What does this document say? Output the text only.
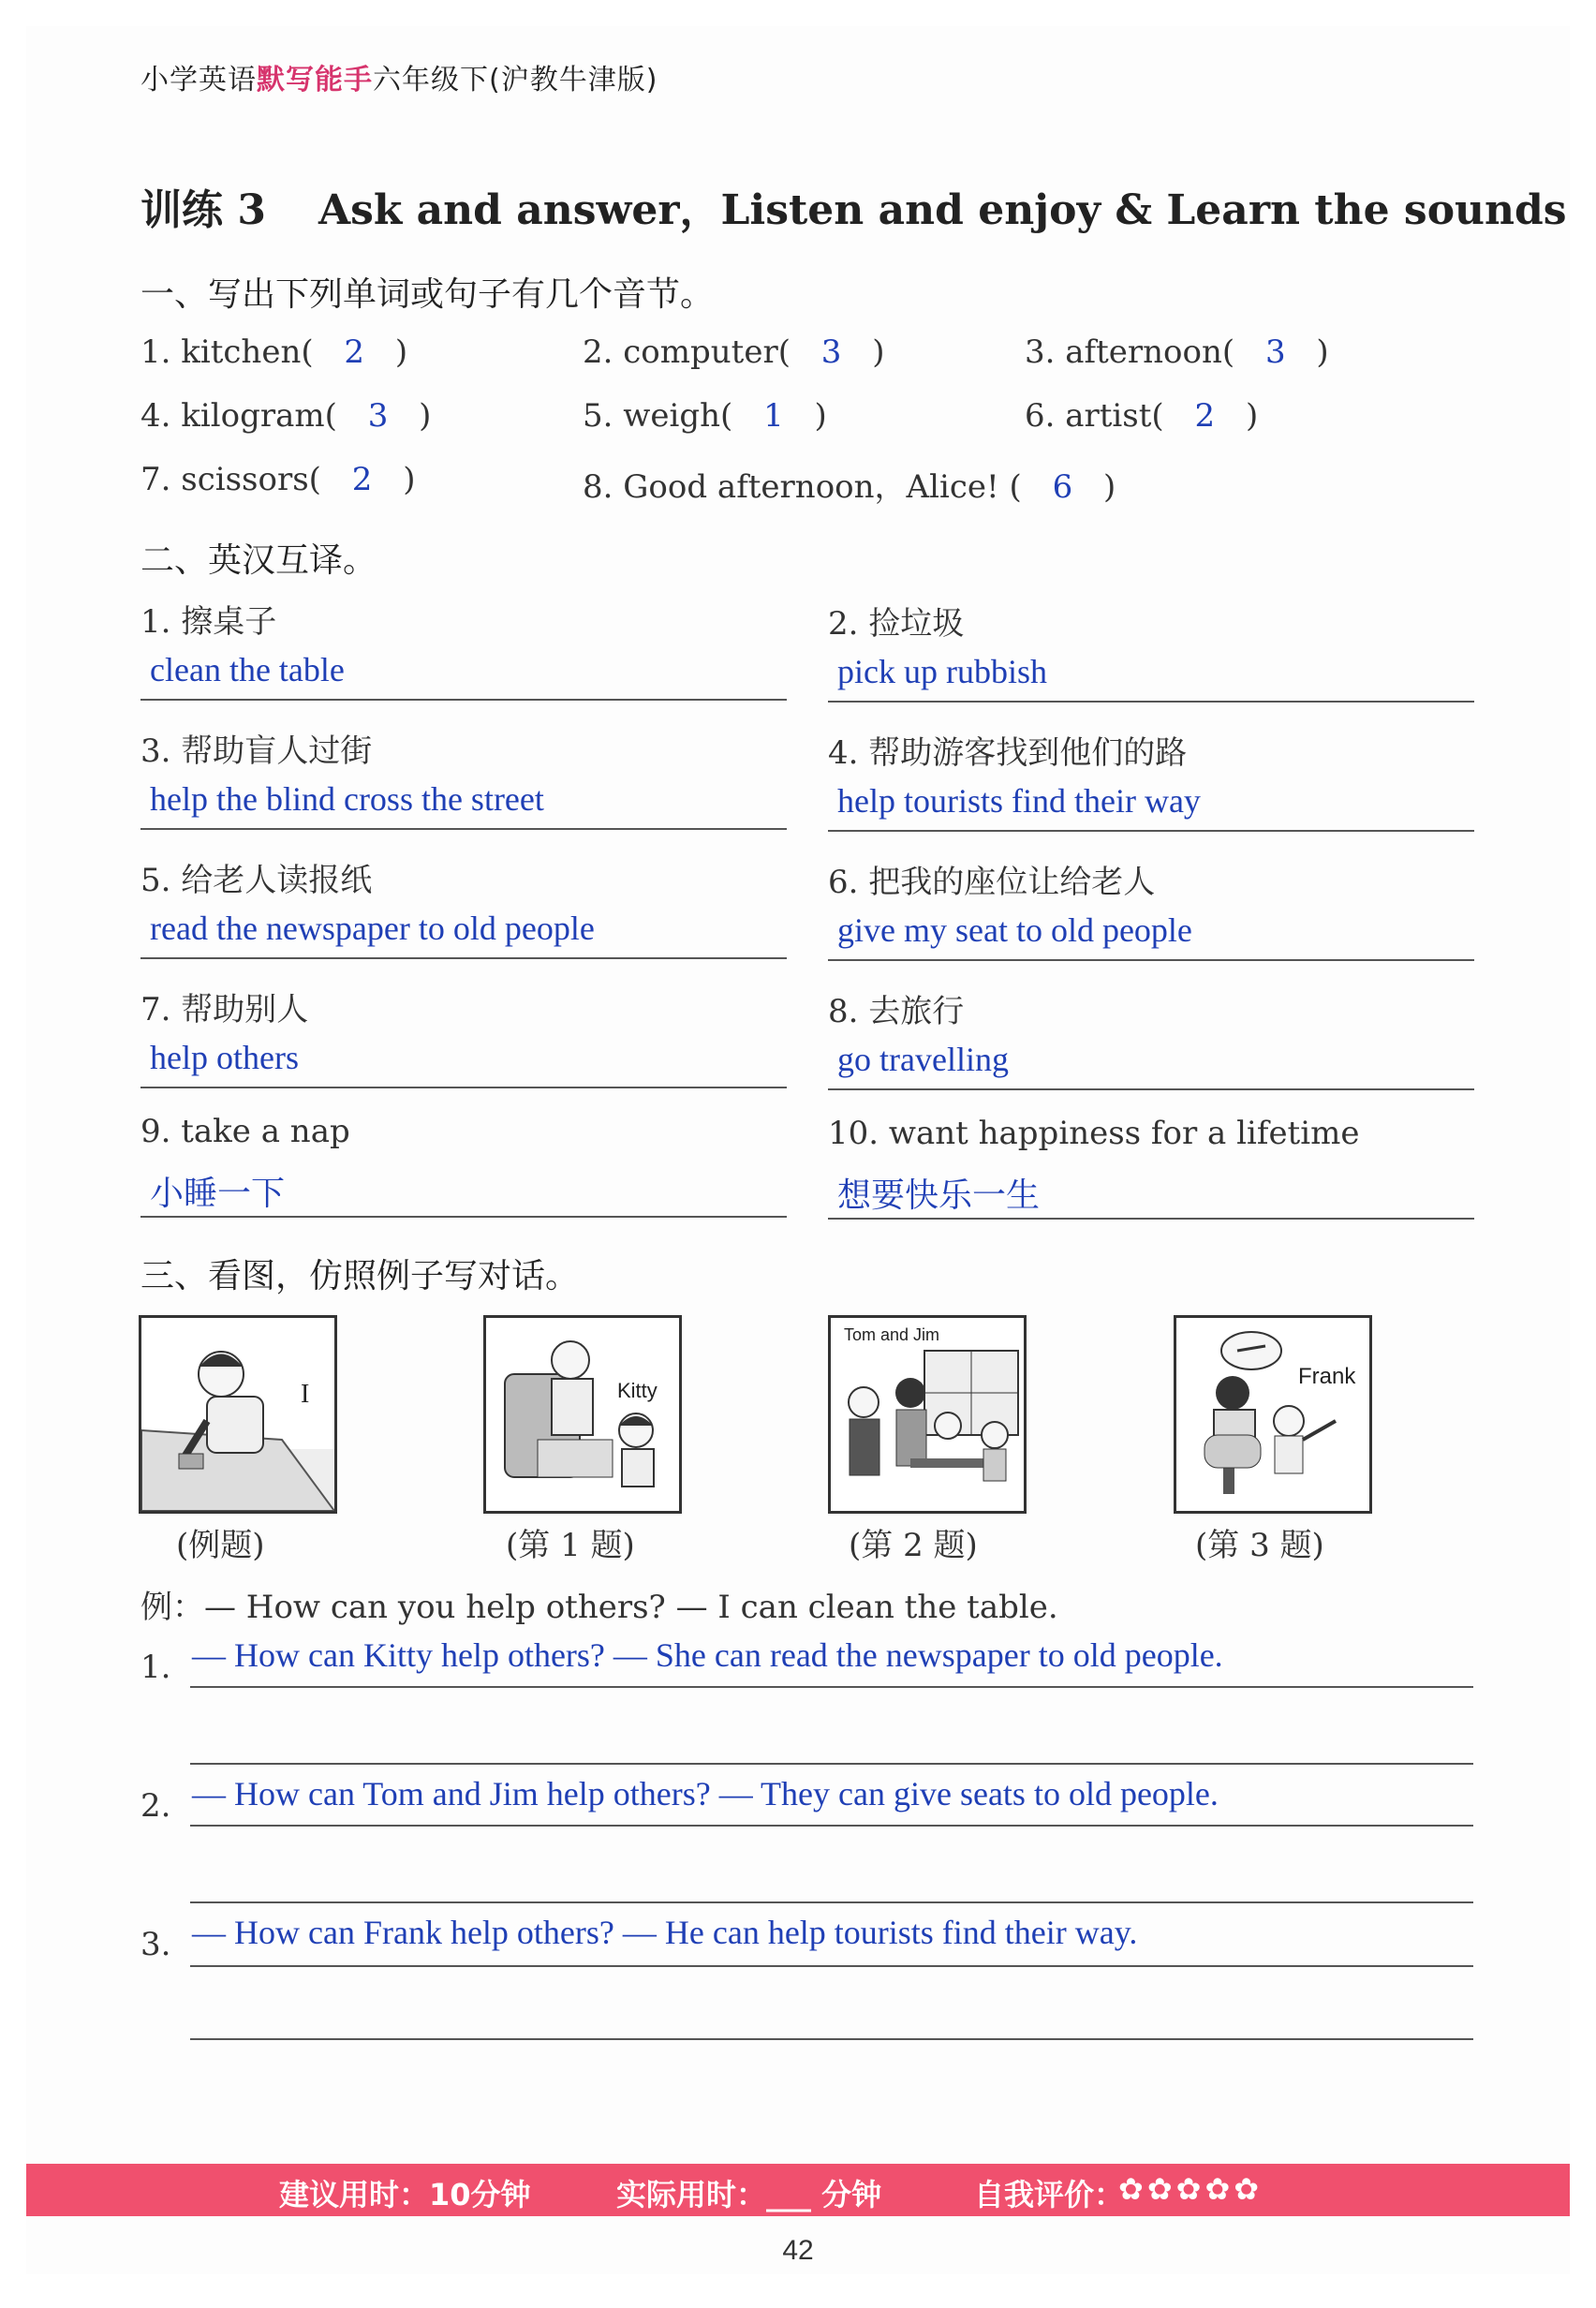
小学英语默写能手六年级下(沪教牛津版)
训练 3 Ask and answer，Listen and enjoy & Learn the sounds
一、写出下列单词或句子有几个音节。
1. kitchen( 2 )	2. computer( 3 )	3. afternoon( 3 )
4. kilogram( 3 )	5. weigh( 1 )	6. artist( 2 )
7. scissors( 2 )	8. Good afternoon，Alice! ( 6 )
二、英汉互译。
1. 擦桌子
clean the table
2. 捡垃圾
pick up rubbish
3. 帮助盲人过街
help the blind cross the street
4. 帮助游客找到他们的路
help tourists find their way
5. 给老人读报纸
read the newspaper to old people
6. 把我的座位让给老人
give my seat to old people
7. 帮助别人
help others
8. 去旅行
go travelling
9. take a nap
小睡一下
10. want happiness for a lifetime
想要快乐一生
三、看图，仿照例子写对话。
I
(例题)
Kitty
(第 1 题)
Tom and Jim
(第 2 题)
Frank
(第 3 题)
例：— How can you help others? — I can clean the table.
1. — How can Kitty help others? — She can read the newspaper to old people.
2. — How can Tom and Jim help others? — They can give seats to old people.
3. — How can Frank help others? — He can help tourists find their way.
建议用时：10分钟	实际用时：___ 分钟	自我评价：
✿✿✿✿✿
42
